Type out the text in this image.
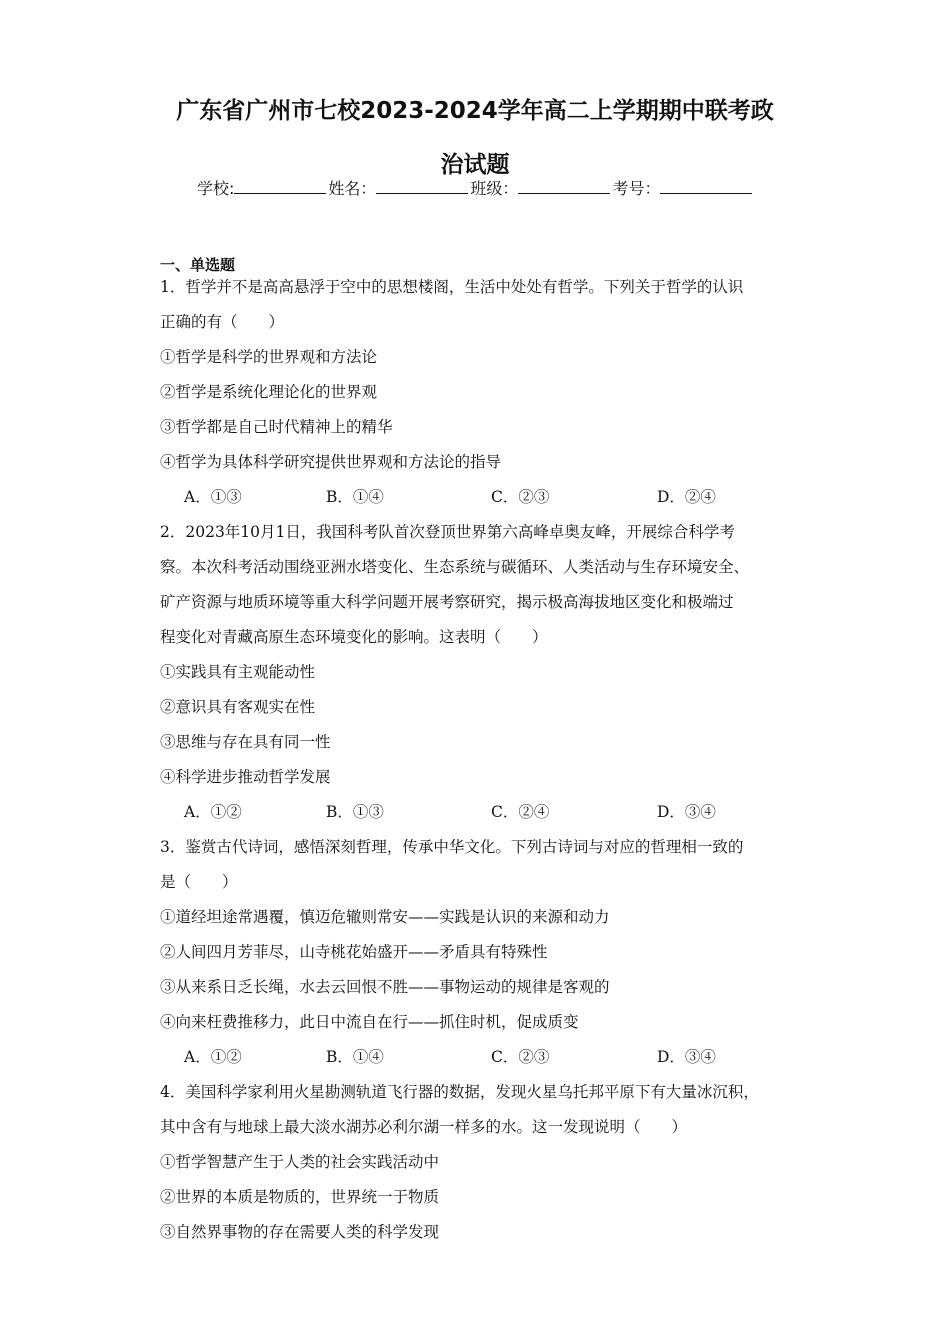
广东省广州市七校2023-2024学年高二上学期期中联考政
治试题
学校:	姓名：	班级：	考号：
一、单选题
1．哲学并不是高高悬浮于空中的思想楼阁，生活中处处有哲学。下列关于哲学的认识
正确的有（　　）
①哲学是科学的世界观和方法论
②哲学是系统化理论化的世界观
③哲学都是自己时代精神上的精华
④哲学为具体科学研究提供世界观和方法论的指导
A．①③	B．①④	C．②③	D．②④
2．2023年10月1日，我国科考队首次登顶世界第六高峰卓奥友峰，开展综合科学考
察。本次科考活动围绕亚洲水塔变化、生态系统与碳循环、人类活动与生存环境安全、
矿产资源与地质环境等重大科学问题开展考察研究，揭示极高海拔地区变化和极端过
程变化对青藏高原生态环境变化的影响。这表明（　　）
①实践具有主观能动性
②意识具有客观实在性
③思维与存在具有同一性
④科学进步推动哲学发展
A．①②	B．①③	C．②④	D．③④
3．鉴赏古代诗词，感悟深刻哲理，传承中华文化。下列古诗词与对应的哲理相一致的
是（　　）
①道经坦途常遇覆，慎迈危辙则常安——实践是认识的来源和动力
②人间四月芳菲尽，山寺桃花始盛开——矛盾具有特殊性
③从来系日乏长绳，水去云回恨不胜——事物运动的规律是客观的
④向来枉费推移力，此日中流自在行——抓住时机，促成质变
A．①②	B．①④	C．②③	D．③④
4．美国科学家利用火星勘测轨道飞行器的数据，发现火星乌托邦平原下有大量冰沉积，
其中含有与地球上最大淡水湖苏必利尔湖一样多的水。这一发现说明（　　）
①哲学智慧产生于人类的社会实践活动中
②世界的本质是物质的，世界统一于物质
③自然界事物的存在需要人类的科学发现
